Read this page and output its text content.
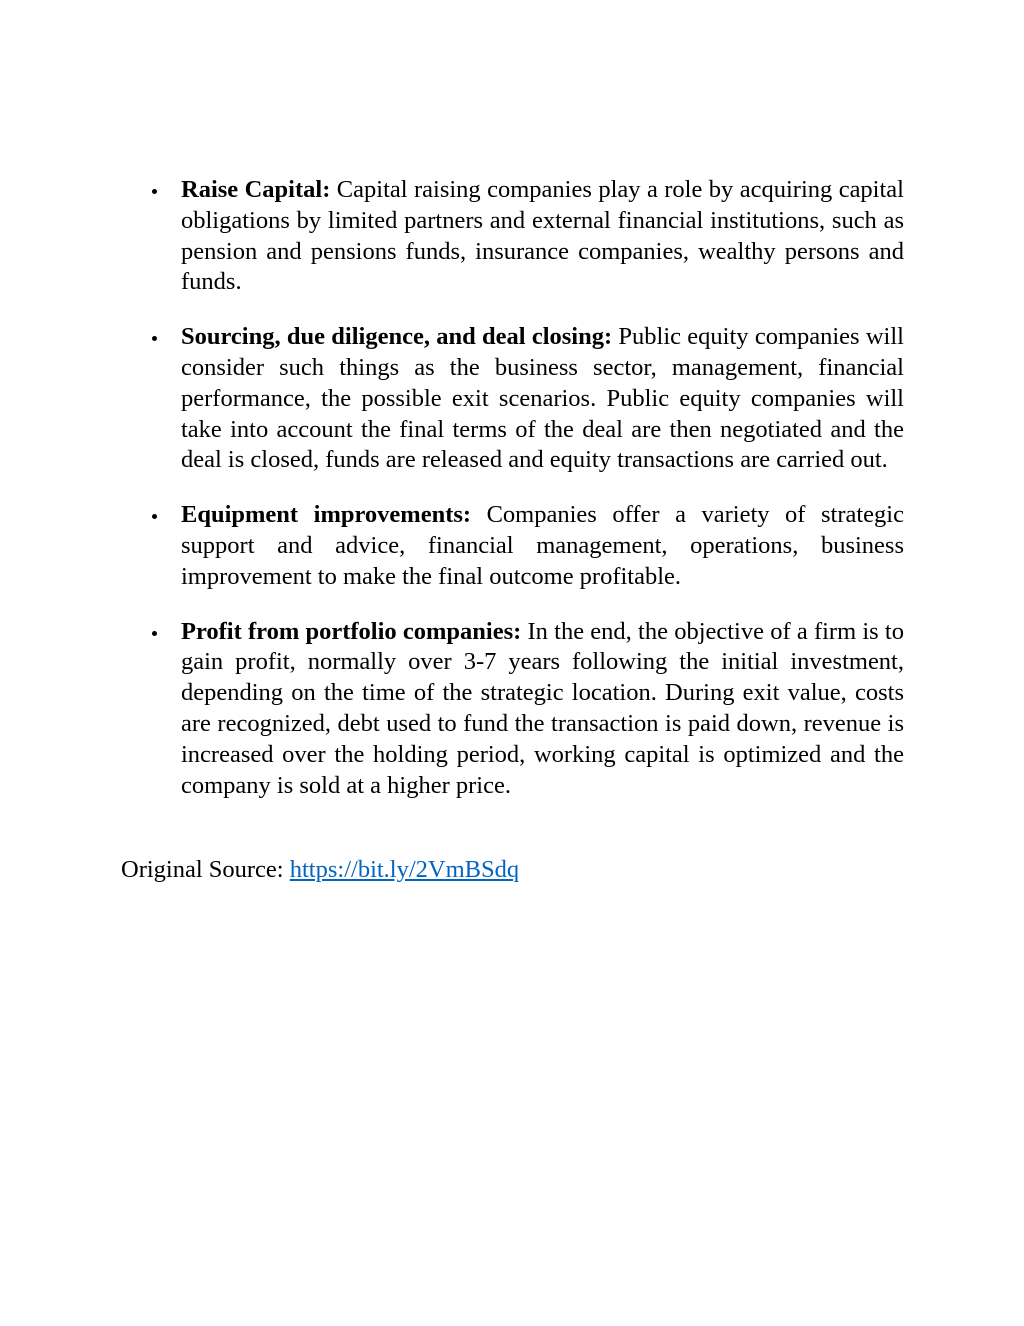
Raise Capital: Capital raising companies play a role by acquiring capital obligations by limited partners and external financial institutions, such as pension and pensions funds, insurance companies, wealthy persons and funds.
Sourcing, due diligence, and deal closing: Public equity companies will consider such things as the business sector, management, financial performance, the possible exit scenarios. Public equity companies will take into account the final terms of the deal are then negotiated and the deal is closed, funds are released and equity transactions are carried out.
Equipment improvements: Companies offer a variety of strategic support and advice, financial management, operations, business improvement to make the final outcome profitable.
Profit from portfolio companies: In the end, the objective of a firm is to gain profit, normally over 3-7 years following the initial investment, depending on the time of the strategic location. During exit value, costs are recognized, debt used to fund the transaction is paid down, revenue is increased over the holding period, working capital is optimized and the company is sold at a higher price.
Original Source: https://bit.ly/2VmBSdq
